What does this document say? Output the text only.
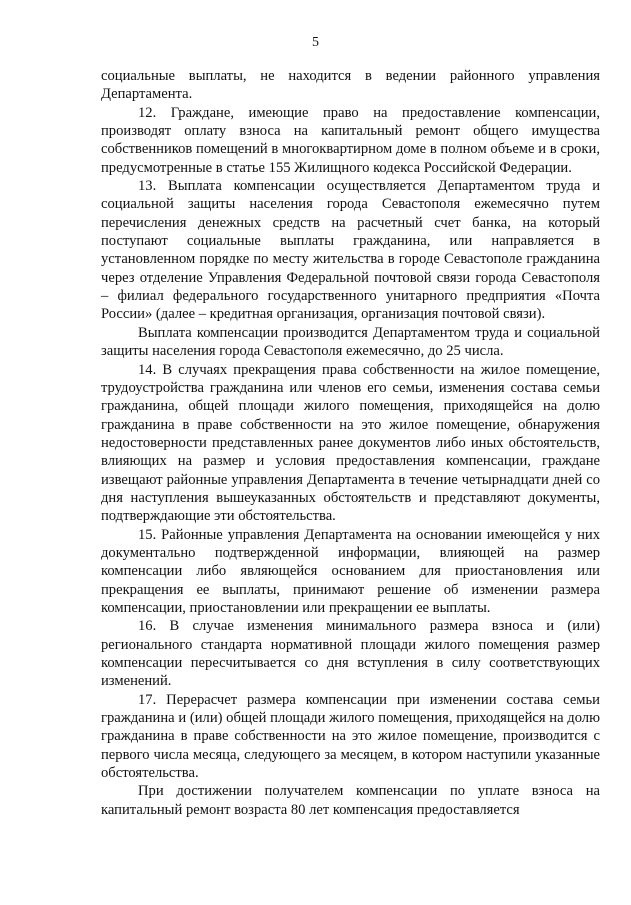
5

социальные выплаты, не находится в ведении районного управления Департамента.

12. Граждане, имеющие право на предоставление компенсации, производят оплату взноса на капитальный ремонт общего имущества собственников помещений в многоквартирном доме в полном объеме и в сроки, предусмотренные в статье 155 Жилищного кодекса Российской Федерации.

13. Выплата компенсации осуществляется Департаментом труда и социальной защиты населения города Севастополя ежемесячно путем перечисления денежных средств на расчетный счет банка, на который поступают социальные выплаты гражданина, или направляется в установленном порядке по месту жительства в городе Севастополе гражданина через отделение Управления Федеральной почтовой связи города Севастополя – филиал федерального государственного унитарного предприятия «Почта России» (далее – кредитная организация, организация почтовой связи).

Выплата компенсации производится Департаментом труда и социальной защиты населения города Севастополя ежемесячно, до 25 числа.

14. В случаях прекращения права собственности на жилое помещение, трудоустройства гражданина или членов его семьи, изменения состава семьи гражданина, общей площади жилого помещения, приходящейся на долю гражданина в праве собственности на это жилое помещение, обнаружения недостоверности представленных ранее документов либо иных обстоятельств, влияющих на размер и условия предоставления компенсации, граждане извещают районные управления Департамента в течение четырнадцати дней со дня наступления вышеуказанных обстоятельств и представляют документы, подтверждающие эти обстоятельства.

15. Районные управления Департамента на основании имеющейся у них документально подтвержденной информации, влияющей на размер компенсации либо являющейся основанием для приостановления или прекращения ее выплаты, принимают решение об изменении размера компенсации, приостановлении или прекращении ее выплаты.

16. В случае изменения минимального размера взноса и (или) регионального стандарта нормативной площади жилого помещения размер компенсации пересчитывается со дня вступления в силу соответствующих изменений.

17. Перерасчет размера компенсации при изменении состава семьи гражданина и (или) общей площади жилого помещения, приходящейся на долю гражданина в праве собственности на это жилое помещение, производится с первого числа месяца, следующего за месяцем, в котором наступили указанные обстоятельства.

При достижении получателем компенсации по уплате взноса на капитальный ремонт возраста 80 лет компенсация предоставляется
